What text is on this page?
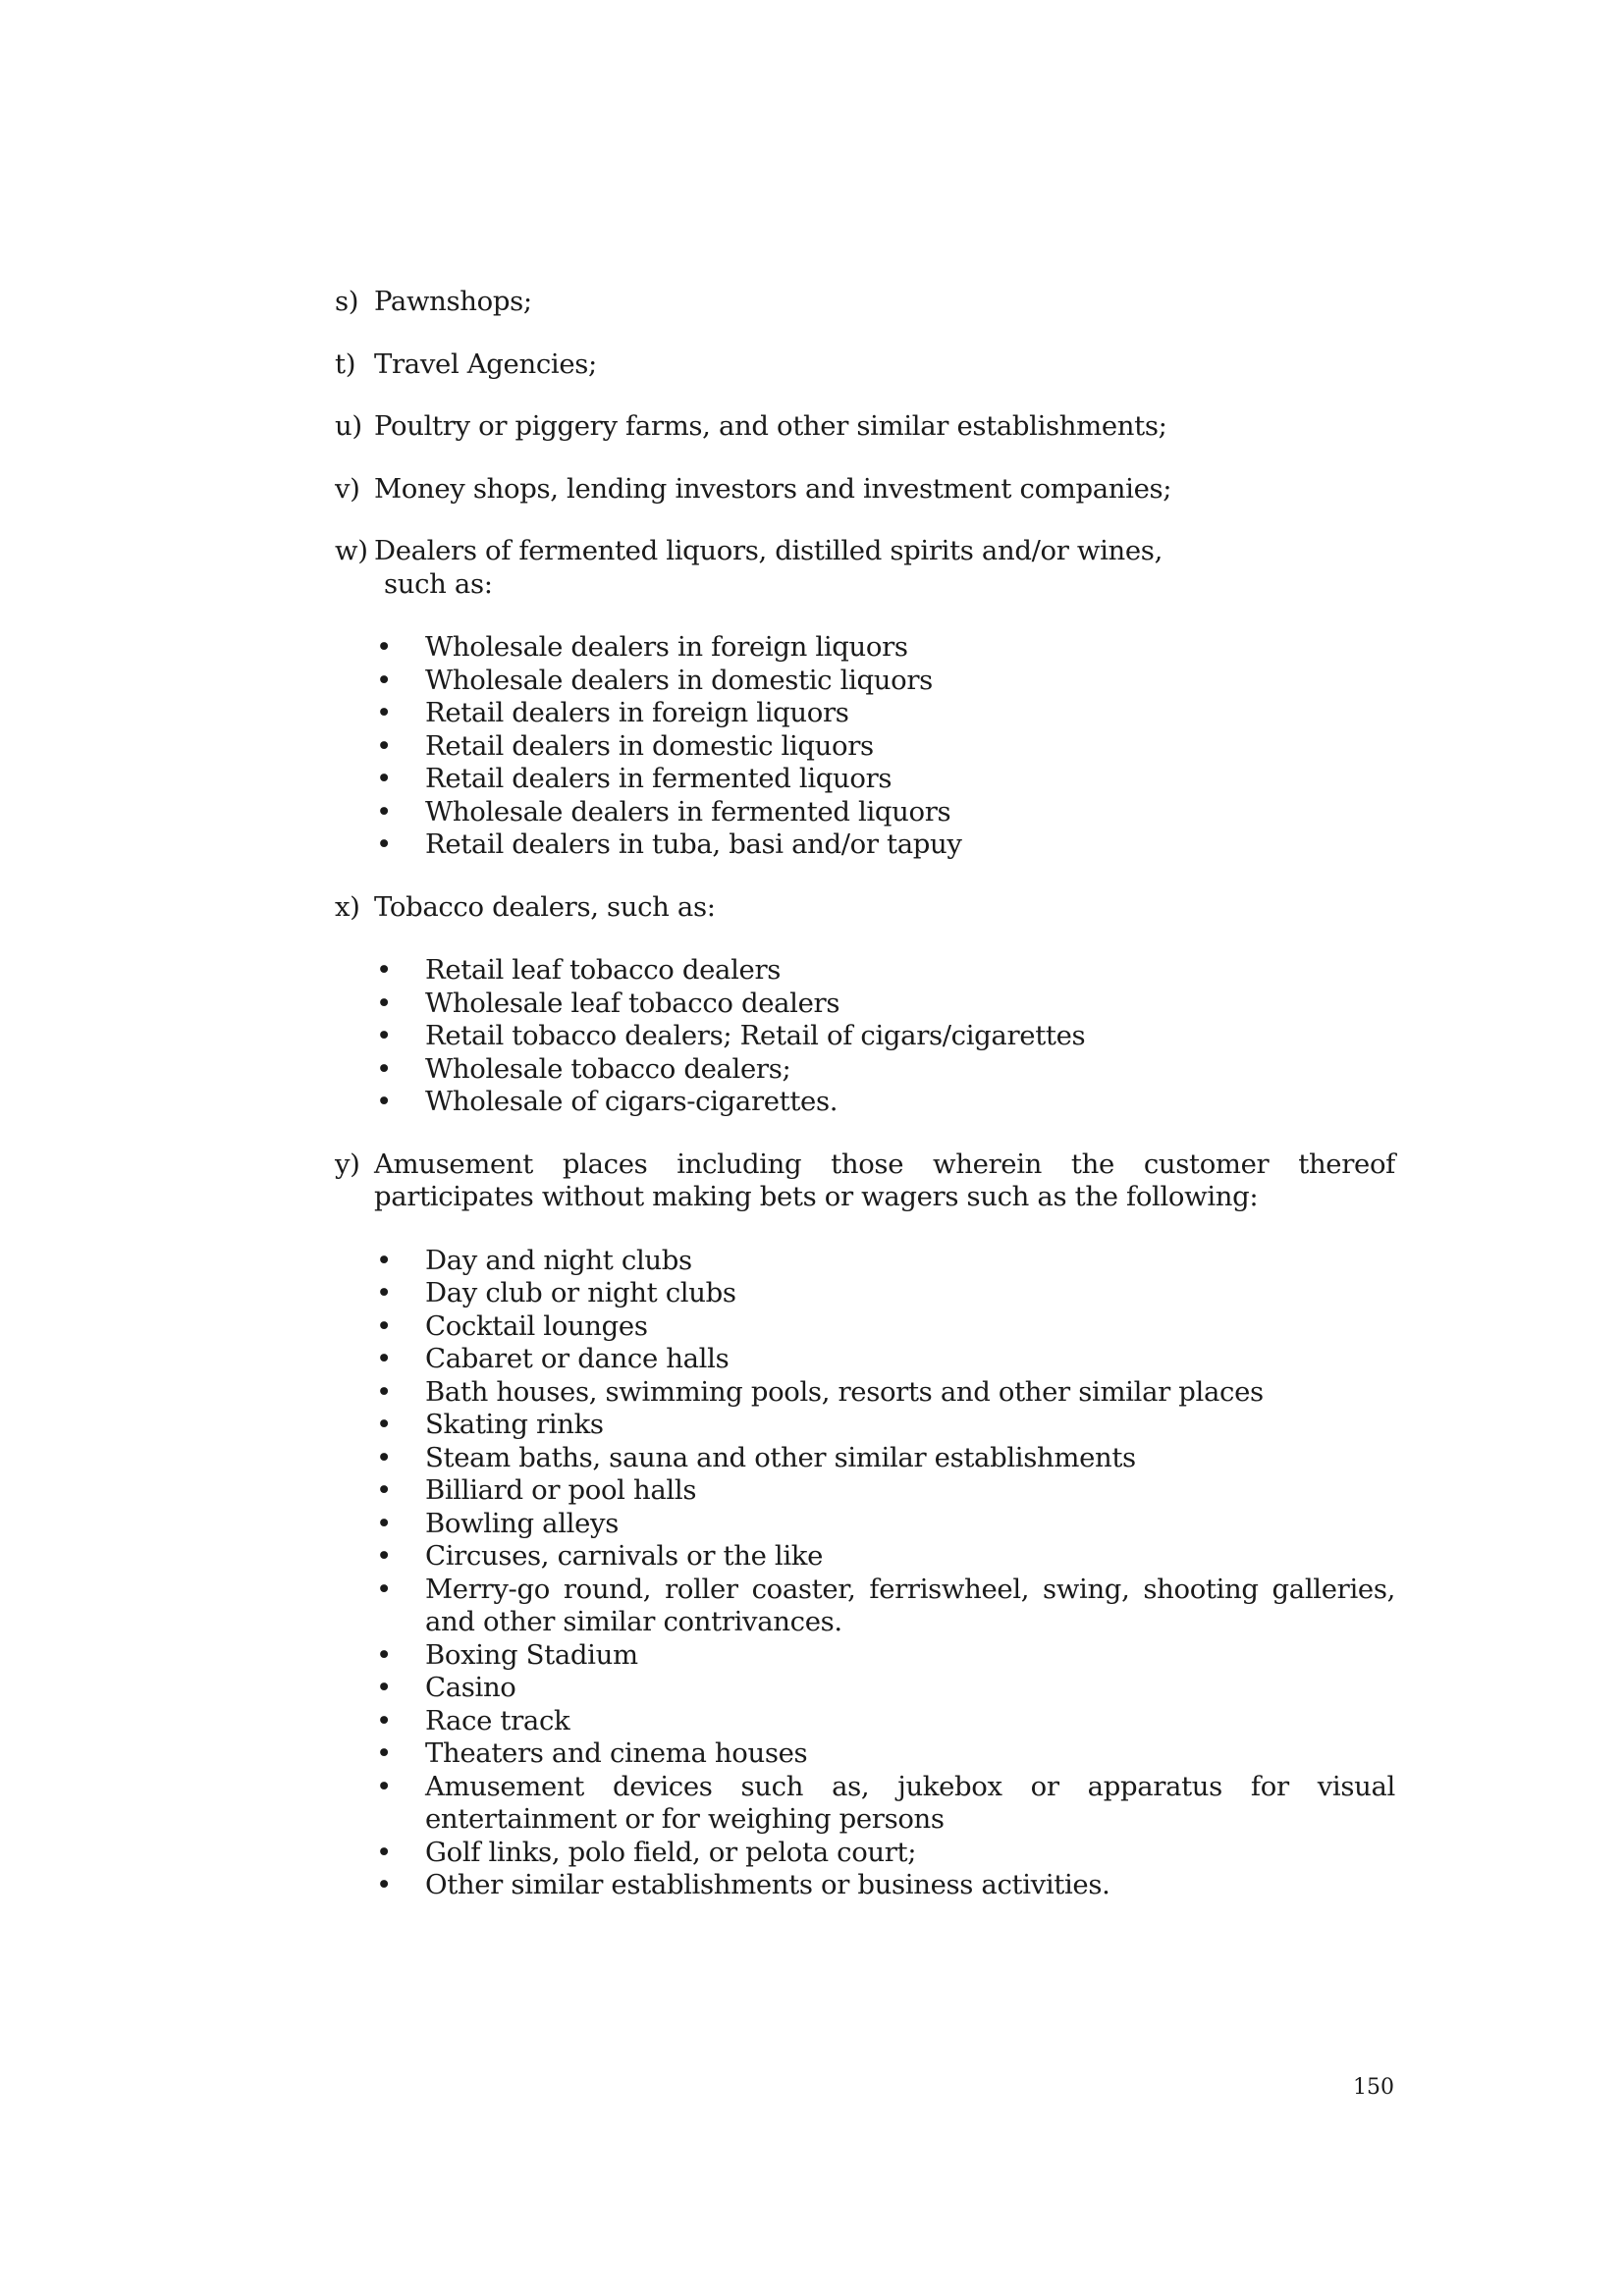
s) Pawnshops;
t) Travel Agencies;
u) Poultry or piggery farms, and other similar establishments;
v) Money shops, lending investors and investment companies;
w) Dealers of fermented liquors, distilled spirits and/or wines,
such as:
• Wholesale dealers in foreign liquors
• Wholesale dealers in domestic liquors
• Retail dealers in foreign liquors
• Retail dealers in domestic liquors
• Retail dealers in fermented liquors
• Wholesale dealers in fermented liquors
• Retail dealers in tuba, basi and/or tapuy
x) Tobacco dealers, such as:
• Retail leaf tobacco dealers
• Wholesale leaf tobacco dealers
• Retail tobacco dealers; Retail of cigars/cigarettes
• Wholesale tobacco dealers;
• Wholesale of cigars-cigarettes.
y) Amusement places including those wherein the customer thereof participates without making bets or wagers such as the following:
• Day and night clubs
• Day club or night clubs
• Cocktail lounges
• Cabaret or dance halls
• Bath houses, swimming pools, resorts and other similar places
• Skating rinks
• Steam baths, sauna and other similar establishments
• Billiard or pool halls
• Bowling alleys
• Circuses, carnivals or the like
• Merry-go round, roller coaster, ferriswheel, swing, shooting galleries, and other similar contrivances.
• Boxing Stadium
• Casino
• Race track
• Theaters and cinema houses
• Amusement devices such as, jukebox or apparatus for visual entertainment or for weighing persons
• Golf links, polo field, or pelota court;
• Other similar establishments or business activities.
150
